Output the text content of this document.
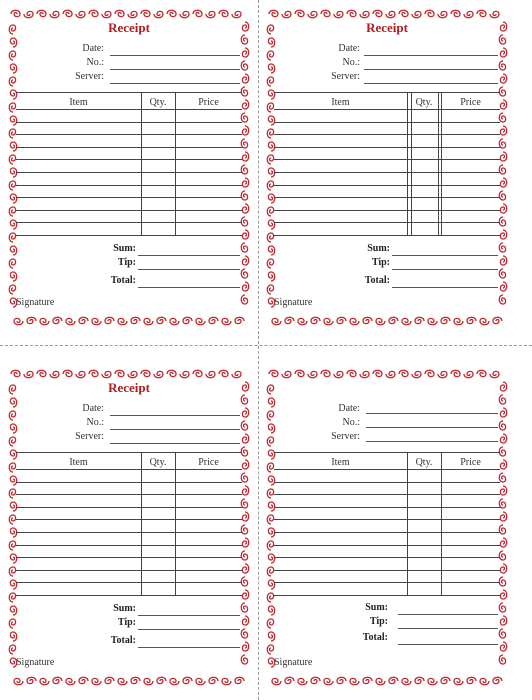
Receipt
Date:
No.:
Server:
Item	Qty.	Price
Sum:
Tip:
Total:
Signature
Receipt
Date:
No.:
Server:
Item	Qty.	Price
Sum:
Tip:
Total:
Signature
Receipt
Date:
No.:
Server:
Item	Qty.	Price
Sum:
Tip:
Total:
Signature
Date:
No.:
Server:
Item	Qty.	Price
Sum:
Tip:
Total:
Signature
